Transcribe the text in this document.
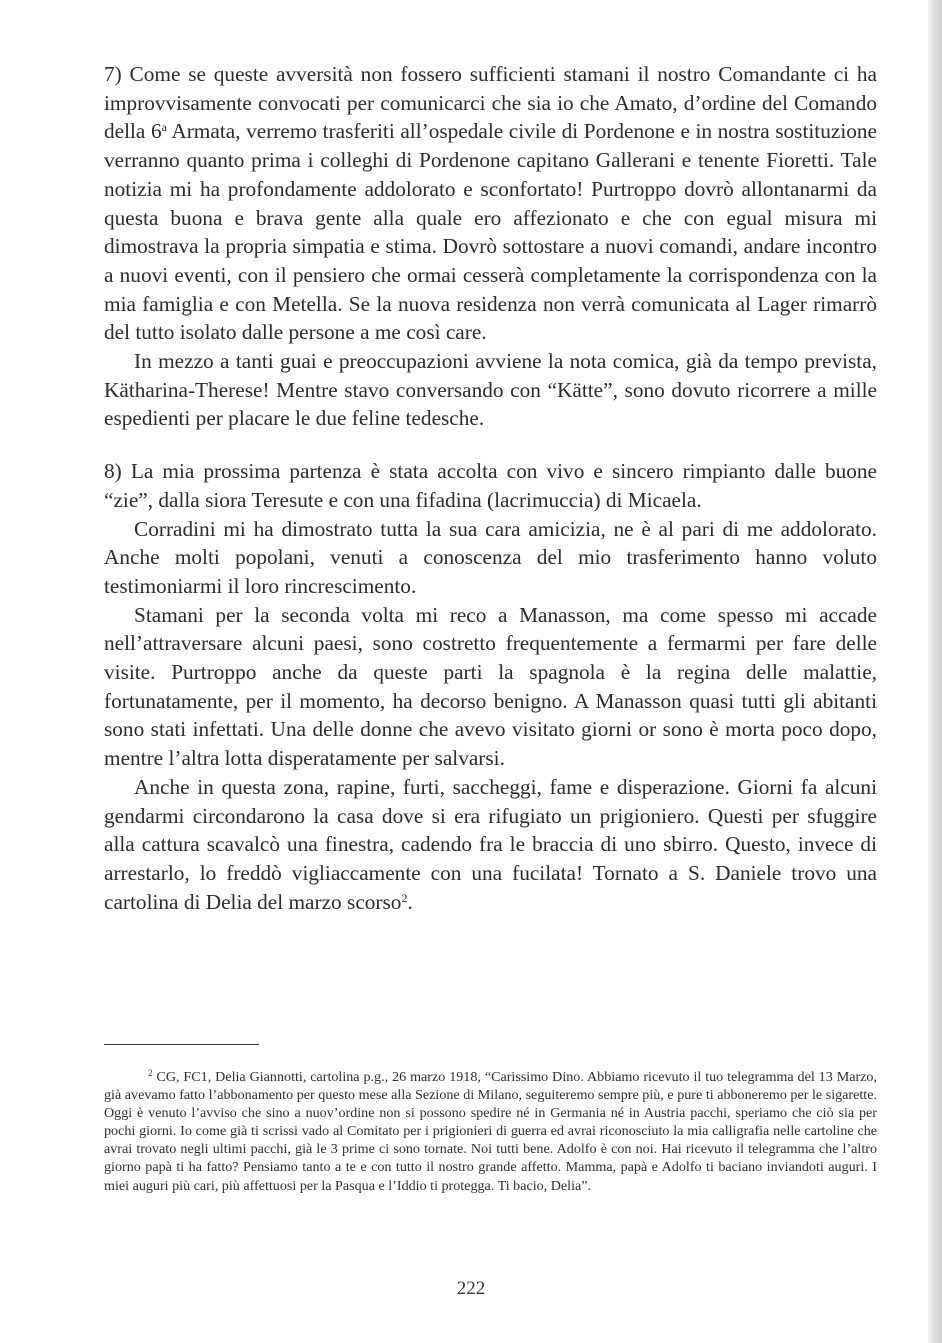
7) Come se queste avversità non fossero sufficienti stamani il nostro Comandante ci ha improvvisamente convocati per comunicarci che sia io che Amato, d’ordine del Comando della 6$^a$ Armata, verremo trasferiti all’ospedale civile di Pordenone e in nostra sostituzione verranno quanto prima i colleghi di Pordenone capitano Gallerani e tenente Fioretti. Tale notizia mi ha profondamente addolorato e sconfortato! Purtroppo dovrò allontanarmi da questa buona e brava gente alla quale ero affezionato e che con egual misura mi dimostrava la propria simpatia e stima. Dovrò sottostare a nuovi comandi, andare incontro a nuovi eventi, con il pensiero che ormai cesserà completamente la corrispondenza con la mia famiglia e con Metella. Se la nuova residenza non verrà comunicata al Lager rimarrò del tutto isolato dalle persone a me così care.

In mezzo a tanti guai e preoccupazioni avviene la nota comica, già da tempo prevista, Kätharina-Therese! Mentre stavo conversando con “Kätte”, sono dovuto ricorrere a mille espedienti per placare le due feline tedesche.

8) La mia prossima partenza è stata accolta con vivo e sincero rimpianto dalle buone “zie”, dalla siora Teresute e con una fifadina (lacrimuccia) di Micaela.

Corradini mi ha dimostrato tutta la sua cara amicizia, ne è al pari di me addolorato. Anche molti popolani, venuti a conoscenza del mio trasferimento hanno voluto testimoniarmi il loro rincrescimento.

Stamani per la seconda volta mi reco a Manasson, ma come spesso mi accade nell’attraversare alcuni paesi, sono costretto frequentemente a fermarmi per fare delle visite. Purtroppo anche da queste parti la spagnola è la regina delle malattie, fortunatamente, per il momento, ha decorso benigno. A Manasson quasi tutti gli abitanti sono stati infettati. Una delle donne che avevo visitato giorni or sono è morta poco dopo, mentre l’altra lotta disperatamente per salvarsi.

Anche in questa zona, rapine, furti, saccheggi, fame e disperazione. Giorni fa alcuni gendarmi circondarono la casa dove si era rifugiato un prigioniero. Questi per sfuggire alla cattura scavalcò una finestra, cadendo fra le braccia di uno sbirro. Questo, invece di arrestarlo, lo freddò vigliaccamente con una fucilata! Tornato a S. Daniele trovo una cartolina di Delia del marzo scorso$^2$.

$^2$ CG, FC1, Delia Giannotti, cartolina p.g., 26 marzo 1918, “Carissimo Dino. Abbiamo ricevuto il tuo telegramma del 13 Marzo, già avevamo fatto l’abbonamento per questo mese alla Sezione di Milano, seguiteremo sempre più, e pure ti abboneremo per le sigarette. Oggi è venuto l’avviso che sino a nuov’ordine non si possono spedire né in Germania né in Austria pacchi, speriamo che ciò sia per pochi giorni. Io come già ti scrissi vado al Comitato per i prigionieri di guerra ed avrai riconosciuto la mia calligrafia nelle cartoline che avrai trovato negli ultimi pacchi, già le 3 prime ci sono tornate. Noi tutti bene. Adolfo è con noi. Hai ricevuto il telegramma che l’altro giorno papà ti ha fatto? Pensiamo tanto a te e con tutto il nostro grande affetto. Mamma, papà e Adolfo ti baciano inviandoti auguri. I miei auguri più cari, più affettuosi per la Pasqua e l’Iddio ti protegga. Ti bacio, Delia”.

222
